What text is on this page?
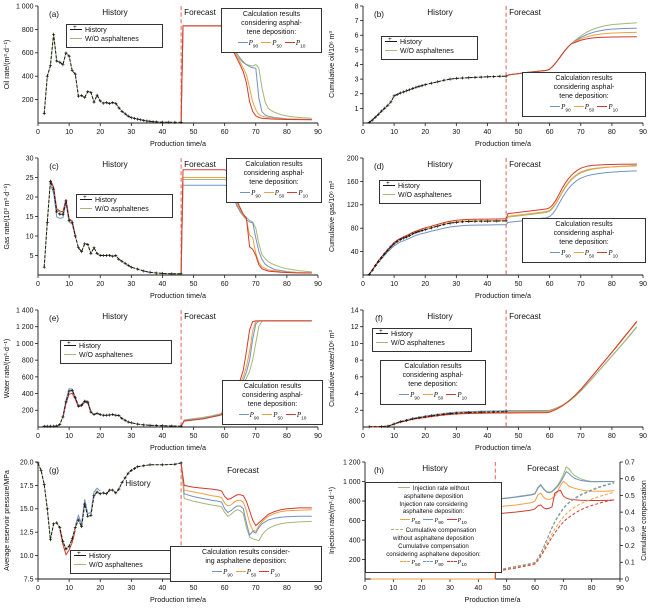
0	10	20	30	40	50	60	70	80	90
200
400
600
800
1 000
Oil rate/(m³·d⁻¹)
Production time/a
History	Forecast
(a)
+ History
W/O asphaltenes
Calculation results
considering asphal-
tene deposition:
$P_{90}$	$P_{50}$	$P_{10}$
0	10	20	30	40	50	60	70	80	90
1
2
3
4
5
6
7
8
Cumulative oil/10⁶ m³
Production time/a
History	Forecast
(b)
+ History
W/O asphaltenes
Calculation results
considering asphal-
tene deposition:
$P_{90}$	$P_{50}$	$P_{10}$
0	10	20	30	40	50	60	70	80	90
5
10
15
20
25
30
Gas rate/(10³ m³·d⁻¹)
Production time/a
History	Forecast
(c)
+ History
W/O asphaltenes
Calculation results
considering asphal-
tene deposition:
$P_{90}$	$P_{50}$	$P_{10}$
0	10	20	30	40	50	60	70	80	90
40
80
120
160
200
Cumulative gas/10⁶ m³
Production time/a
History	Forecast
(d)
+ History
W/O asphaltenes
Calculation results
considering asphal-
tene deposition:
$P_{90}$	$P_{50}$	$P_{10}$
0	10	20	30	40	50	60	70	80	90
200
400
600
800
1 000
1 200
1 400
Water rate/(m³·d⁻¹)
Production time/a
History	Forecast
(e)
+ History
W/O asphaltenes
Calculation results
considering asphal-
tene deposition:
$P_{90}$	$P_{50}$	$P_{10}$
0	10	20	30	40	50	60	70	80	90
2
4
6
8
10
12
14
Cumulative water/10⁶ m³
Production time/a
History	Forecast
(f)
+ History
W/O asphaltenes
Calculation results
considering asphal-
tene deposition:
$P_{90}$	$P_{50}$	$P_{10}$
0	10	20	30	40	50	60	70	80	90
7.5
10.0
12.5
15.0
17.5
20.0
Average reservoir pressure/MPa
Production time/a
History
Forecast
(g)
+ History
W/O asphaltenes
Calculation results consider-
ing asphaltene deposition:
$P_{90}$	$P_{50}$	$P_{10}$
0	10	20	30	40	50	60	70	80	90
200
400
600
800
1 000
1 200
0
0.1
0.2
0.3
0.4
0.5
0.6
0.7
Injection rate/(m³·d⁻¹)	Cumulative compensation
Production time/a
History	Forecast
(h)
Injection rate without
asphaltene deposition
Injection rate considering
asphaltene deposition:
$P_{50}$	$P_{90}$	$P_{10}$
Cumulative compensation
without asphaltene deposition
Cumulative compensation
considering asphaltene deposition:
$P_{50}$	$P_{90}$	$P_{10}$
